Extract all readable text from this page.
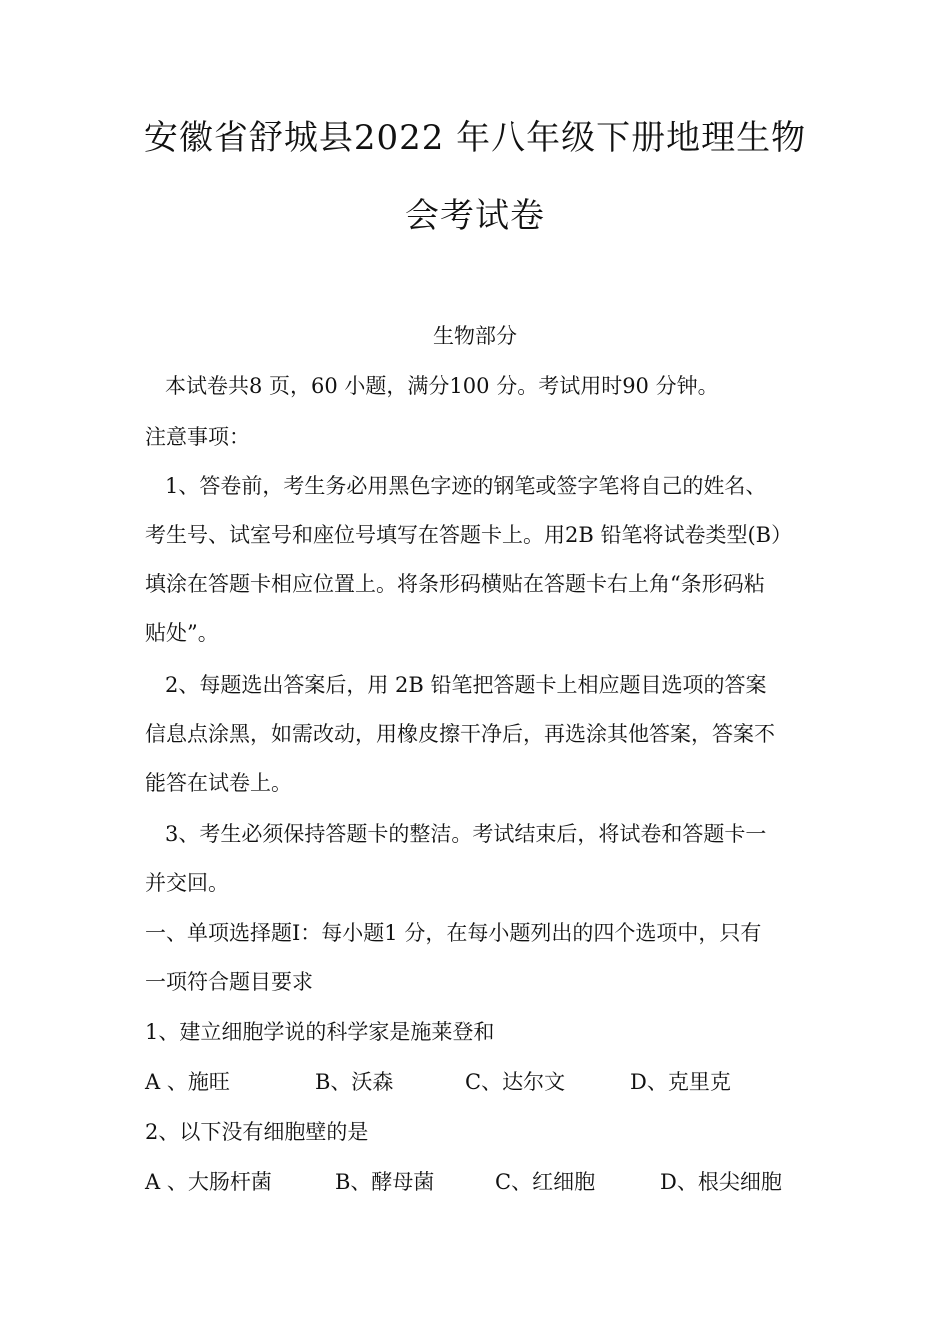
安徽省舒城县2022 年八年级下册地理生物
会考试卷
生物部分
本试卷共8 页，60 小题，满分100 分。考试用时90 分钟。
注意事项：
1、答卷前，考生务必用黑色字迹的钢笔或签字笔将自己的姓名、
考生号、试室号和座位号填写在答题卡上。用2B 铅笔将试卷类型(B）
填涂在答题卡相应位置上。将条形码横贴在答题卡右上角“条形码粘
贴处”。
2、每题选出答案后，用 2B 铅笔把答题卡上相应题目选项的答案
信息点涂黑，如需改动，用橡皮擦干净后，再选涂其他答案，答案不
能答在试卷上。
3、考生必须保持答题卡的整洁。考试结束后，将试卷和答题卡一
并交回。
一、单项选择题Ⅰ：每小题1 分，在每小题列出的四个选项中，只有
一项符合题目要求
1、建立细胞学说的科学家是施莱登和
A 、施旺	B、沃森	C、达尔文	D、克里克
2、以下没有细胞壁的是
A 、大肠杆菌	B、酵母菌	C、红细胞	D、根尖细胞
